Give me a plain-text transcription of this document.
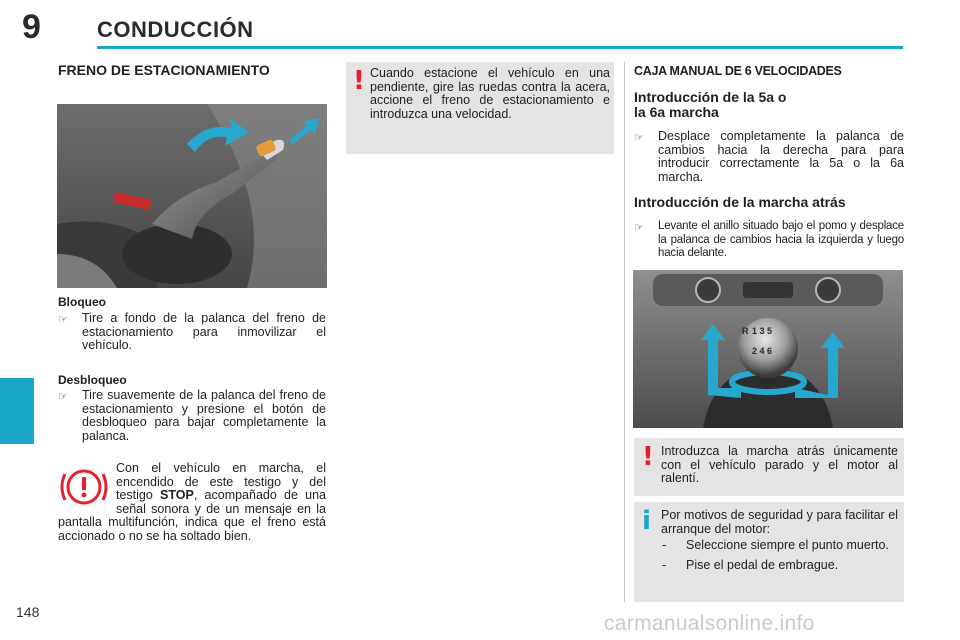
9	CONDUCCIÓN
FRENO DE ESTACIONAMIENTO
Bloqueo
☞	Tire a fondo de la palanca del freno de estacionamiento para inmovilizar el vehículo.
Desbloqueo
☞	Tire suavemente de la palanca del freno de estacionamiento y presione el botón de desbloqueo para bajar completamente la palanca.
Con el vehículo en marcha, el encendido de este testigo y del testigo STOP, acompañado de una señal sonora y de un mensaje en la pantalla multifunción, indica que el freno está accionado o no se ha soltado bien.
! Cuando estacione el vehículo en una pendiente, gire las ruedas contra la acera, accione el freno de estacionamiento e introduzca una velocidad.
CAJA MANUAL DE 6 VELOCIDADES
Introducción de la 5a o
la 6a marcha
☞	Desplace completamente la palanca de cambios hacia la derecha para para introducir correctamente la 5a o la 6a marcha.
Introducción de la marcha atrás
☞	Levante el anillo situado bajo el pomo y desplace la palanca de cambios hacia la izquierda y luego hacia delante.
1 3 5
2 4 6
R
! Introduzca la marcha atrás únicamente con el vehículo parado y el motor al ralentí.
i Por motivos de seguridad y para facilitar el arranque del motor:
-	Seleccione siempre el punto muerto.
-	Pise el pedal de embrague.
148	carmanualsonline.info
